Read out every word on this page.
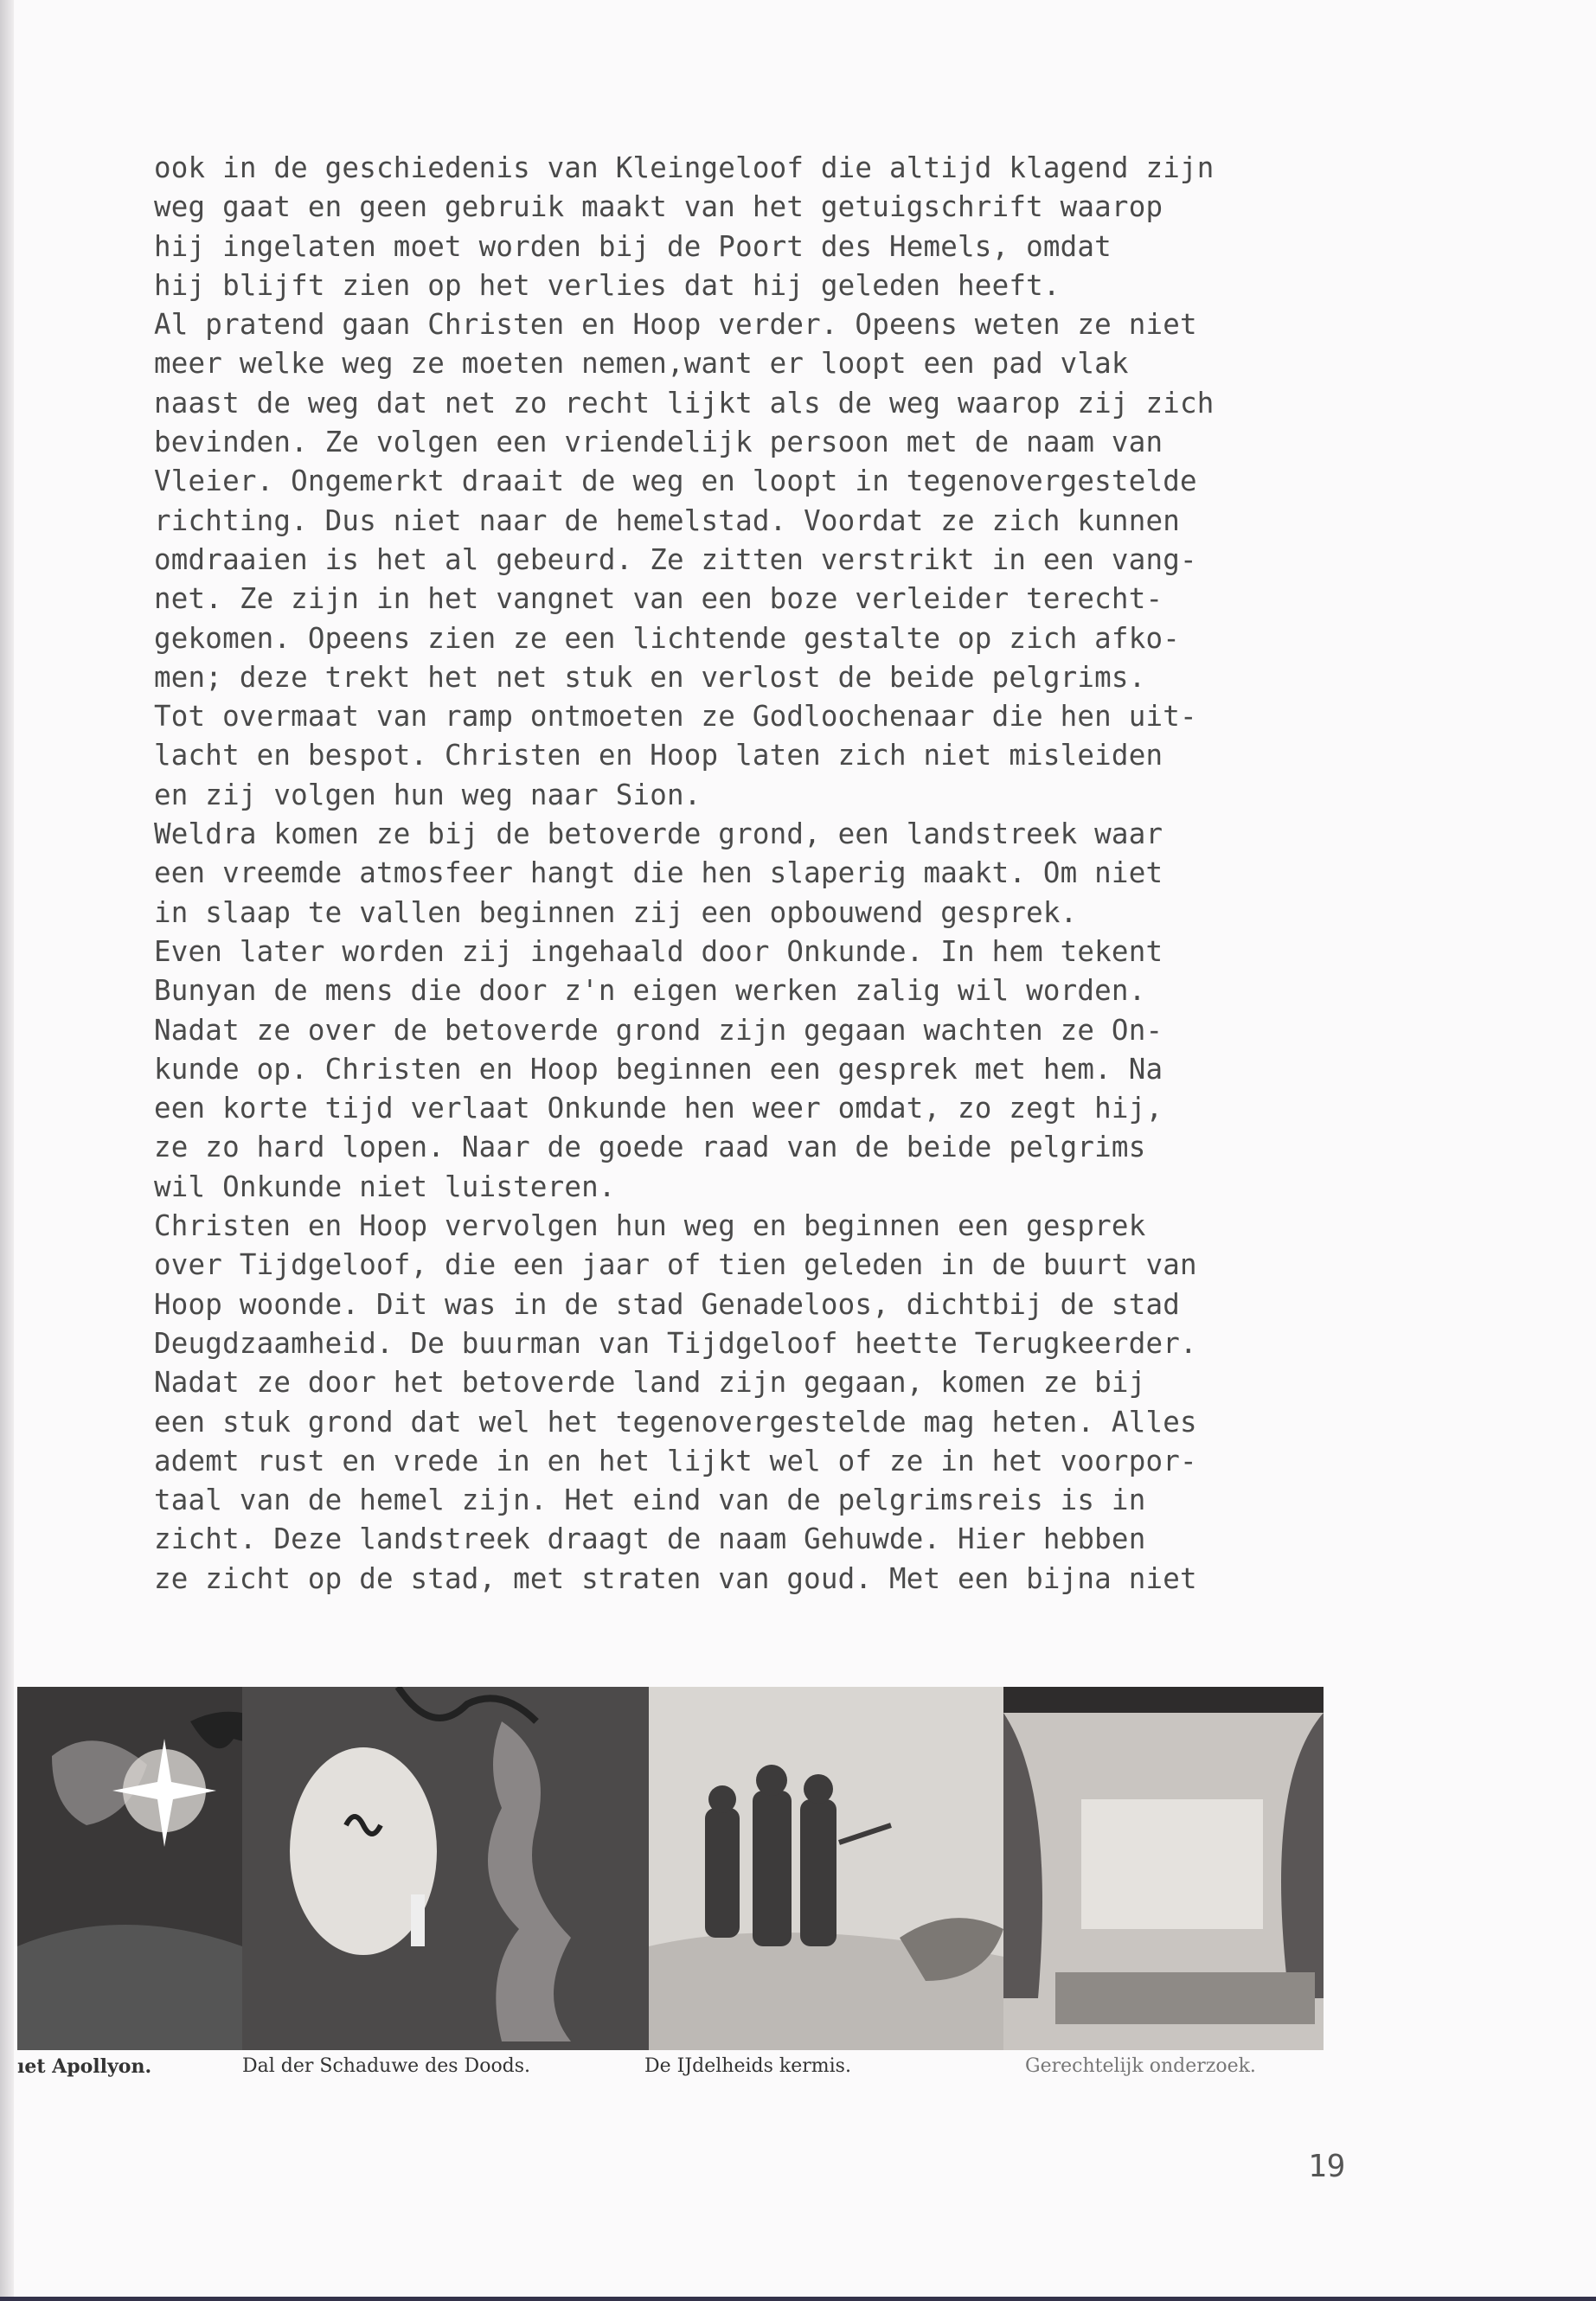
ook in de geschiedenis van Kleingeloof die altijd klagend zijn
weg gaat en geen gebruik maakt van het getuigschrift waarop
hij ingelaten moet worden bij de Poort des Hemels, omdat
hij blijft zien op het verlies dat hij geleden heeft.
Al pratend gaan Christen en Hoop verder. Opeens weten ze niet
meer welke weg ze moeten nemen,want er loopt een pad vlak
naast de weg dat net zo recht lijkt als de weg waarop zij zich
bevinden. Ze volgen een vriendelijk persoon met de naam van
Vleier. Ongemerkt draait de weg en loopt in tegenovergestelde
richting. Dus niet naar de hemelstad. Voordat ze zich kunnen
omdraaien is het al gebeurd. Ze zitten verstrikt in een vang-
net. Ze zijn in het vangnet van een boze verleider terecht-
gekomen. Opeens zien ze een lichtende gestalte op zich afko-
men; deze trekt het net stuk en verlost de beide pelgrims.
Tot overmaat van ramp ontmoeten ze Godloochenaar die hen uit-
lacht en bespot. Christen en Hoop laten zich niet misleiden
en zij volgen hun weg naar Sion.
Weldra komen ze bij de betoverde grond, een landstreek waar
een vreemde atmosfeer hangt die hen slaperig maakt. Om niet
in slaap te vallen beginnen zij een opbouwend gesprek.
Even later worden zij ingehaald door Onkunde. In hem tekent
Bunyan de mens die door z'n eigen werken zalig wil worden.
Nadat ze over de betoverde grond zijn gegaan wachten ze On-
kunde op. Christen en Hoop beginnen een gesprek met hem. Na
een korte tijd verlaat Onkunde hen weer omdat, zo zegt hij,
ze zo hard lopen. Naar de goede raad van de beide pelgrims
wil Onkunde niet luisteren.
Christen en Hoop vervolgen hun weg en beginnen een gesprek
over Tijdgeloof, die een jaar of tien geleden in de buurt van
Hoop woonde. Dit was in de stad Genadeloos, dichtbij de stad
Deugdzaamheid. De buurman van Tijdgeloof heette Terugkeerder.
Nadat ze door het betoverde land zijn gegaan, komen ze bij
een stuk grond dat wel het tegenovergestelde mag heten. Alles
ademt rust en vrede in en het lijkt wel of ze in het voorpor-
taal van de hemel zijn. Het eind van de pelgrimsreis is in
zicht. Deze landstreek draagt de naam Gehuwde. Hier hebben
ze zicht op de stad, met straten van goud. Met een bijna niet
ıet Apollyon.	Dal der Schaduwe des Doods.	De IJdelheids kermis.	Gerechtelijk onderzoek.
19
